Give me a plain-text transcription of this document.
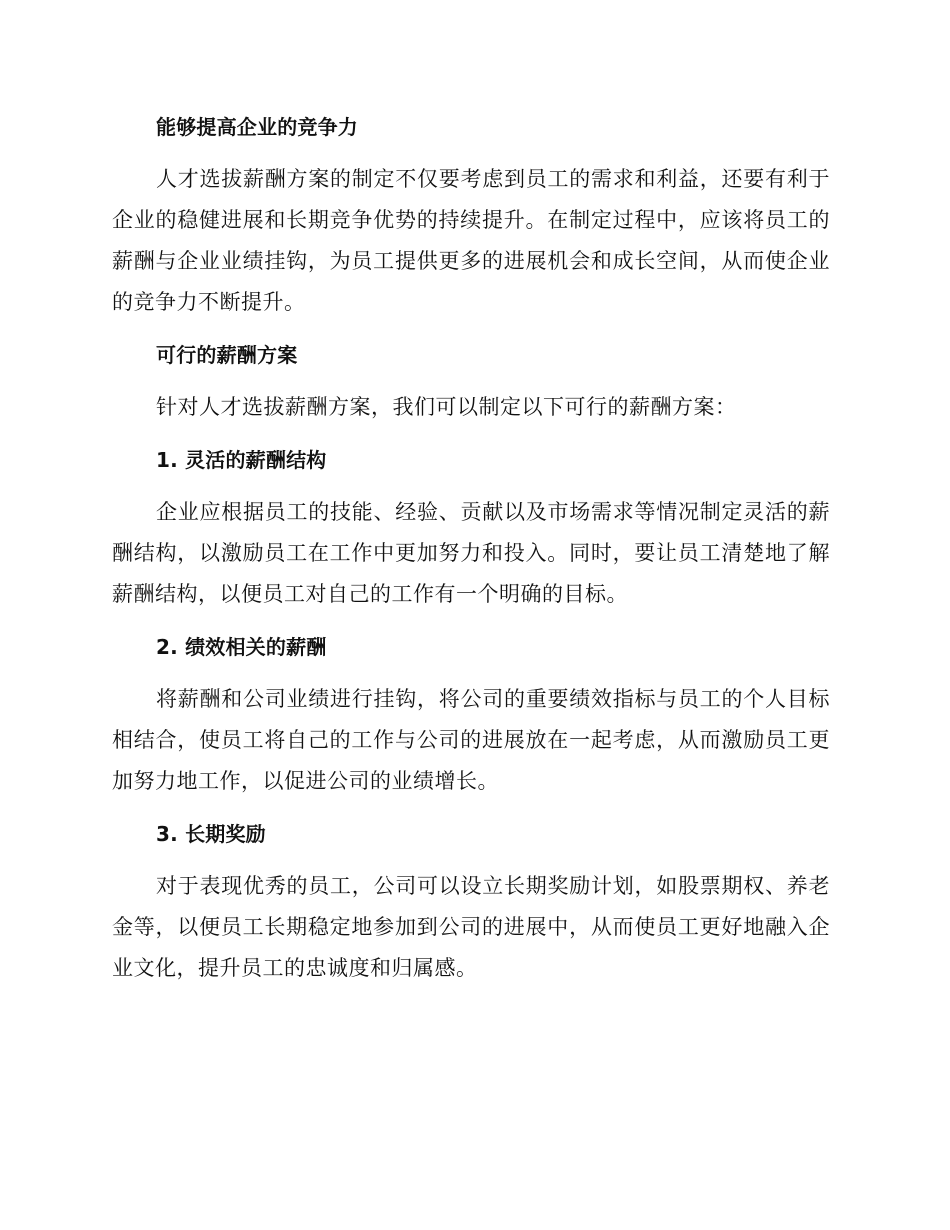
能够提高企业的竞争力

人才选拔薪酬方案的制定不仅要考虑到员工的需求和利益，还要有利于企业的稳健进展和长期竞争优势的持续提升。在制定过程中，应该将员工的薪酬与企业业绩挂钩，为员工提供更多的进展机会和成长空间，从而使企业的竞争力不断提升。

可行的薪酬方案

针对人才选拔薪酬方案，我们可以制定以下可行的薪酬方案：

1. 灵活的薪酬结构

企业应根据员工的技能、经验、贡献以及市场需求等情况制定灵活的薪酬结构，以激励员工在工作中更加努力和投入。同时，要让员工清楚地了解薪酬结构，以便员工对自己的工作有一个明确的目标。

2. 绩效相关的薪酬

将薪酬和公司业绩进行挂钩，将公司的重要绩效指标与员工的个人目标相结合，使员工将自己的工作与公司的进展放在一起考虑，从而激励员工更加努力地工作，以促进公司的业绩增长。

3. 长期奖励

对于表现优秀的员工，公司可以设立长期奖励计划，如股票期权、养老金等，以便员工长期稳定地参加到公司的进展中，从而使员工更好地融入企业文化，提升员工的忠诚度和归属感。
